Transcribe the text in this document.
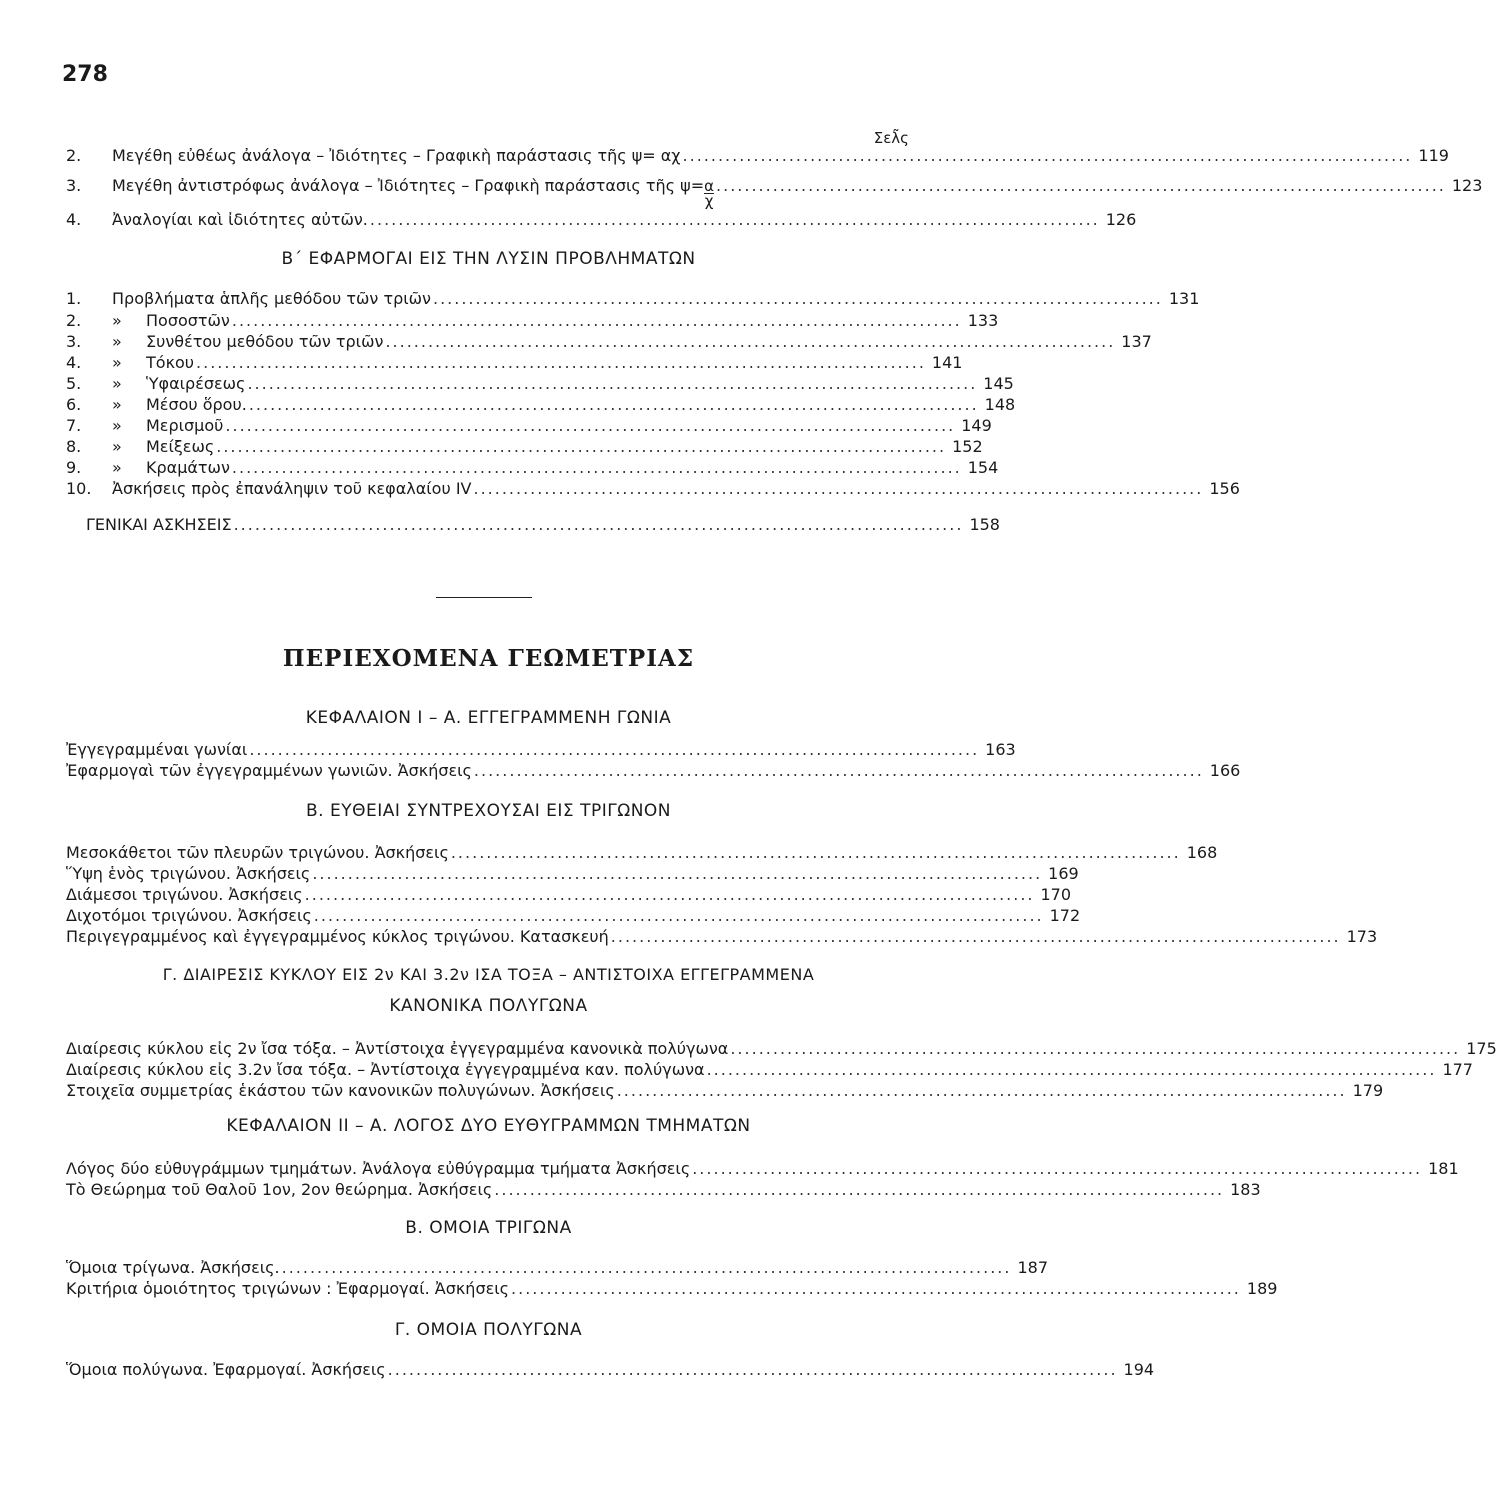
278
Σελ͂ς
2.	Μεγέθη εὐθέως ἀνάλογα – Ἰδιότητες – Γραφικὴ παράστασις τῆς ψ= αχ ....................................................................................................... 119
3.	Μεγέθη ἀντιστρόφως ἀνάλογα – Ἰδιότητες – Γραφικὴ παράστασις τῆς $\psi= \frac{\alpha}{\chi}$ ....................................................................................................... 123
4.	Ἀναλογίαι καὶ ἰδιότητες αὐτῶν. ....................................................................................................... 126
Β΄ ΕΦΑΡΜΟΓΑΙ ΕΙΣ ΤΗΝ ΛΥΣΙΝ ΠΡΟΒΛΗΜΑΤΩΝ
1.	Προβλήματα ἁπλῆς μεθόδου τῶν τριῶν ....................................................................................................... 131
2.	»	Ποσοστῶν ....................................................................................................... 133
3.	»	Συνθέτου μεθόδου τῶν τριῶν ....................................................................................................... 137
4.	»	Τόκου ....................................................................................................... 141
5.	»	Ὑφαιρέσεως ....................................................................................................... 145
6.	»	Μέσου ὅρου. ....................................................................................................... 148
7.	»	Μερισμοῦ ....................................................................................................... 149
8.	»	Μείξεως ....................................................................................................... 152
9.	»	Κραμάτων ....................................................................................................... 154
10.	Ἀσκήσεις πρὸς ἐπανάληψιν τοῦ κεφαλαίου IV ....................................................................................................... 156
ΓΕΝΙΚΑΙ ΑΣΚΗΣΕΙΣ ....................................................................................................... 158
ΠΕΡΙΕΧΟΜΕΝΑ ΓΕΩΜΕΤΡΙΑΣ
ΚΕΦΑΛΑΙΟΝ Ι – Α. ΕΓΓΕΓΡΑΜΜΕΝΗ ΓΩΝΙΑ
Ἐγγεγραμμέναι γωνίαι ....................................................................................................... 163
Ἐφαρμογαὶ τῶν ἐγγεγραμμένων γωνιῶν. Ἀσκήσεις ....................................................................................................... 166
Β. ΕΥΘΕΙΑΙ ΣΥΝΤΡΕΧΟΥΣΑΙ ΕΙΣ ΤΡΙΓΩΝΟΝ
Μεσοκάθετοι τῶν πλευρῶν τριγώνου. Ἀσκήσεις ....................................................................................................... 168
Ὕψη ἑνὸς τριγώνου. Ἀσκήσεις ....................................................................................................... 169
Διάμεσοι τριγώνου. Ἀσκήσεις ....................................................................................................... 170
Διχοτόμοι τριγώνου. Ἀσκήσεις ....................................................................................................... 172
Περιγεγραμμένος καὶ ἐγγεγραμμένος κύκλος τριγώνου. Κατασκευή ....................................................................................................... 173
Γ. ΔΙΑΙΡΕΣΙΣ ΚΥΚΛΟΥ ΕΙΣ 2ν ΚΑΙ 3.2ν ΙΣΑ ΤΟΞΑ – ΑΝΤΙΣΤΟΙΧΑ ΕΓΓΕΓΡΑΜΜΕΝΑ
ΚΑΝΟΝΙΚΑ ΠΟΛΥΓΩΝΑ
Διαίρεσις κύκλου εἰς 2ν ἴσα τόξα. – Ἀντίστοιχα ἐγγεγραμμένα κανονικὰ πολύγωνα ....................................................................................................... 175
Διαίρεσις κύκλου εἰς 3.2ν ἴσα τόξα. – Ἀντίστοιχα ἐγγεγραμμένα καν. πολύγωνα ....................................................................................................... 177
Στοιχεῖα συμμετρίας ἑκάστου τῶν κανονικῶν πολυγώνων. Ἀσκήσεις ....................................................................................................... 179
ΚΕΦΑΛΑΙΟΝ ΙΙ – Α. ΛΟΓΟΣ ΔΥΟ ΕΥΘΥΓΡΑΜΜΩΝ ΤΜΗΜΑΤΩΝ
Λόγος δύο εὐθυγράμμων τμημάτων. Ἀνάλογα εὐθύγραμμα τμήματα Ἀσκήσεις ....................................................................................................... 181
Τὸ Θεώρημα τοῦ Θαλοῦ 1ον, 2ον θεώρημα. Ἀσκήσεις ....................................................................................................... 183
Β. ΟΜΟΙΑ ΤΡΙΓΩΝΑ
Ὅμοια τρίγωνα. Ἀσκήσεις. ....................................................................................................... 187
Κριτήρια ὁμοιότητος τριγώνων : Ἐφαρμογαί. Ἀσκήσεις ....................................................................................................... 189
Γ. ΟΜΟΙΑ ΠΟΛΥΓΩΝΑ
Ὅμοια πολύγωνα. Ἐφαρμογαί. Ἀσκήσεις ....................................................................................................... 194
